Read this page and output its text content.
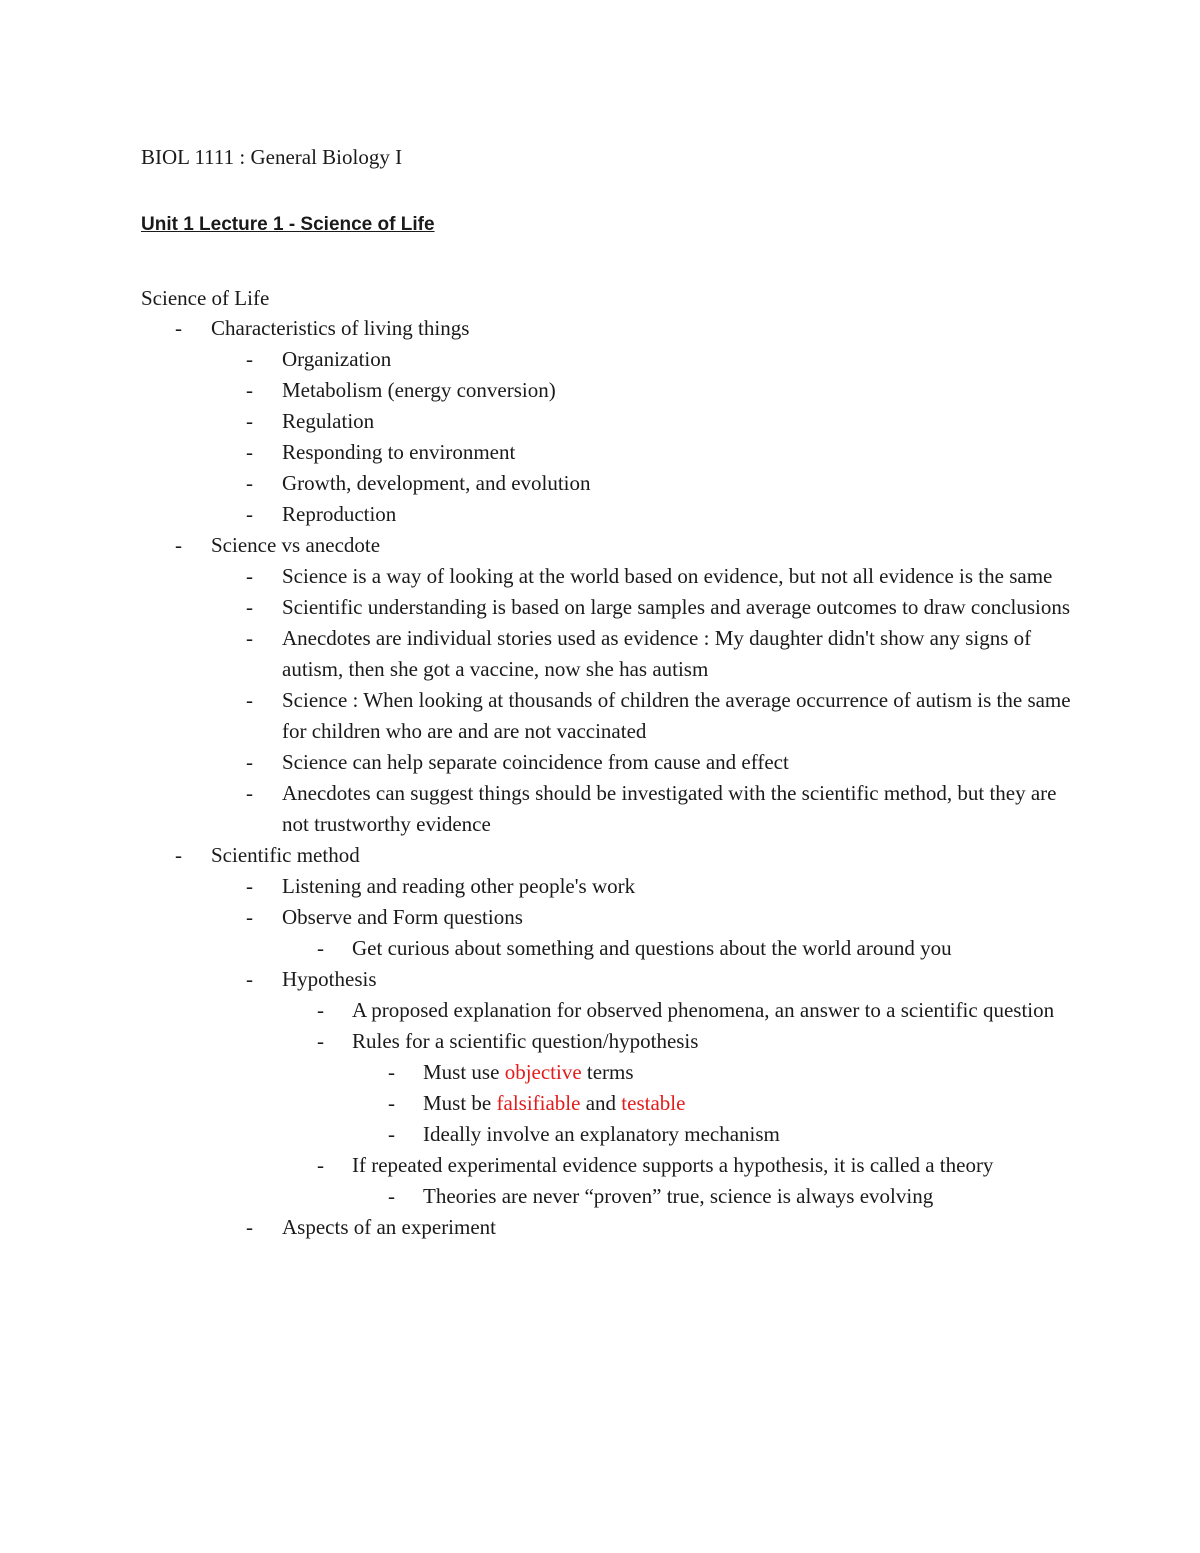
BIOL 1111 : General Biology I
Unit 1 Lecture 1 - Science of Life
Science of Life
- Characteristics of living things
- Organization
- Metabolism (energy conversion)
- Regulation
- Responding to environment
- Growth, development, and evolution
- Reproduction
- Science vs anecdote
- Science is a way of looking at the world based on evidence, but not all evidence is the same
- Scientific understanding is based on large samples and average outcomes to draw conclusions
- Anecdotes are individual stories used as evidence : My daughter didn't show any signs of autism, then she got a vaccine, now she has autism
- Science : When looking at thousands of children the average occurrence of autism is the same for children who are and are not vaccinated
- Science can help separate coincidence from cause and effect
- Anecdotes can suggest things should be investigated with the scientific method, but they are not trustworthy evidence
- Scientific method
- Listening and reading other people's work
- Observe and Form questions
- Get curious about something and questions about the world around you
- Hypothesis
- A proposed explanation for observed phenomena, an answer to a scientific question
- Rules for a scientific question/hypothesis
- Must use objective terms
- Must be falsifiable and testable
- Ideally involve an explanatory mechanism
- If repeated experimental evidence supports a hypothesis, it is called a theory
- Theories are never “proven” true, science is always evolving
- Aspects of an experiment
